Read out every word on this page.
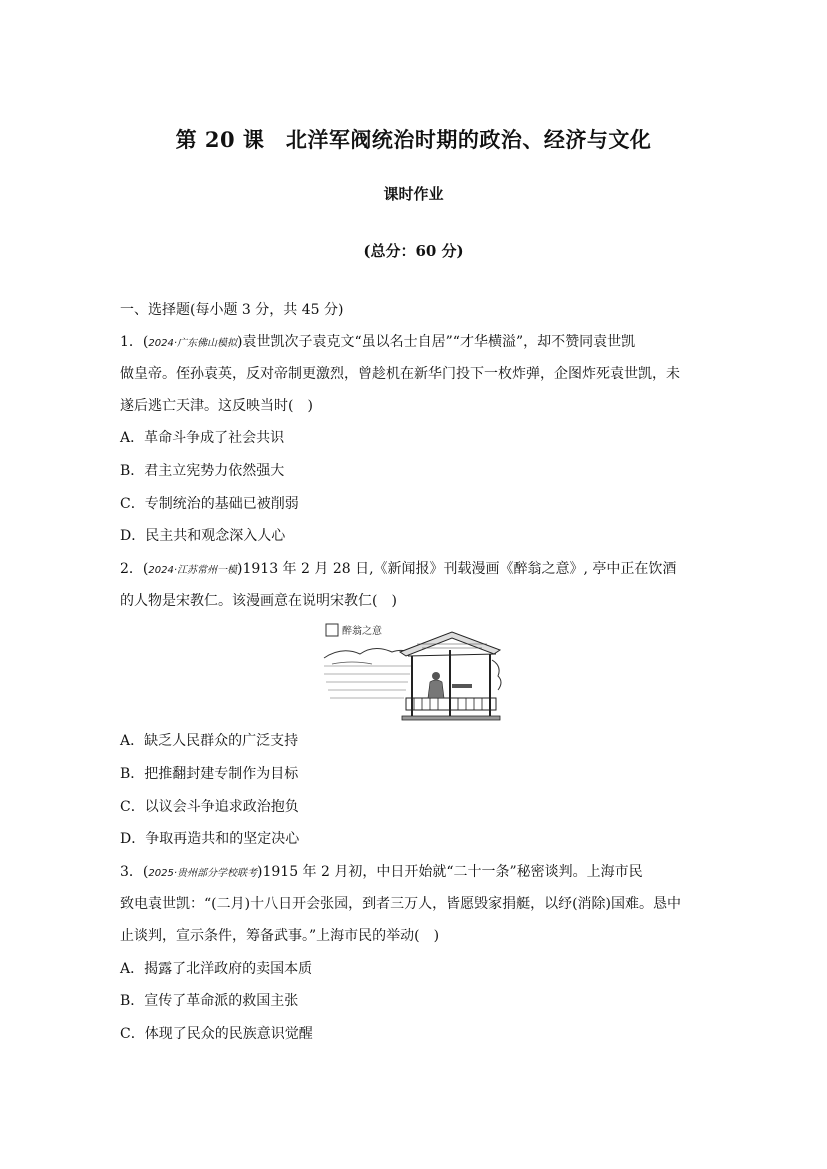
第 20 课　北洋军阀统治时期的政治、经济与文化
课时作业
(总分：60 分)
一、选择题(每小题 3 分，共 45 分)
1．(2024·广东佛山模拟)袁世凯次子袁克文“虽以名士自居”“才华横溢”，却不赞同袁世凯
做皇帝。侄孙袁英，反对帝制更激烈，曾趁机在新华门投下一枚炸弹，企图炸死袁世凯，未
遂后逃亡天津。这反映当时(　)
A．革命斗争成了社会共识
B．君主立宪势力依然强大
C．专制统治的基础已被削弱
D．民主共和观念深入人心
2．(2024·江苏常州一模)1913 年 2 月 28 日,《新闻报》刊载漫画《醉翁之意》, 亭中正在饮酒
的人物是宋教仁。该漫画意在说明宋教仁(　)
醉翁之意
A．缺乏人民群众的广泛支持
B．把推翻封建专制作为目标
C．以议会斗争追求政治抱负
D．争取再造共和的坚定决心
3．(2025·贵州部分学校联考)1915 年 2 月初，中日开始就“二十一条”秘密谈判。上海市民
致电袁世凯：“(二月)十八日开会张园，到者三万人，皆愿毁家捐艇，以纾(消除)国难。恳中
止谈判，宣示条件，筹备武事。”上海市民的举动(　)
A．揭露了北洋政府的卖国本质
B．宣传了革命派的救国主张
C．体现了民众的民族意识觉醒
